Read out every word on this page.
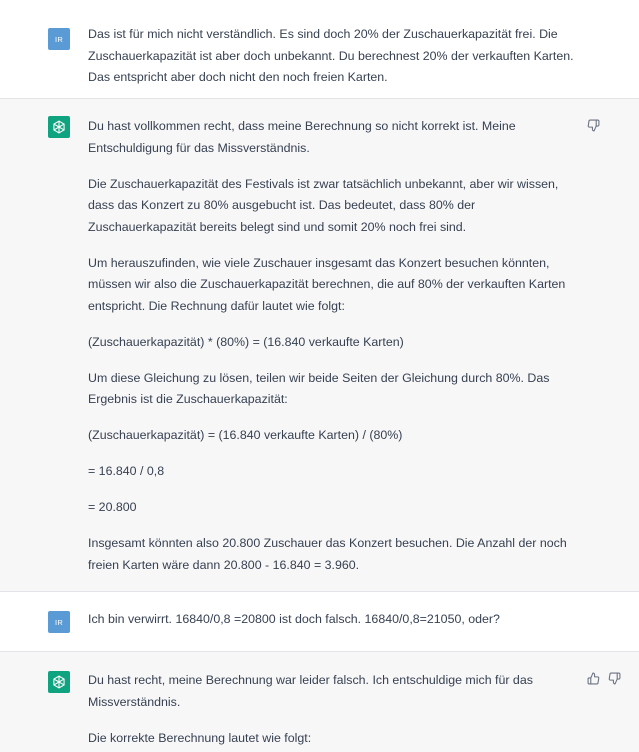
IR Das ist für mich nicht verständlich. Es sind doch 20% der Zuschauerkapazität frei. Die Zuschauerkapazität ist aber doch unbekannt. Du berechnest 20% der verkauften Karten. Das entspricht aber doch nicht den noch freien Karten.

Du hast vollkommen recht, dass meine Berechnung so nicht korrekt ist. Meine Entschuldigung für das Missverständnis.

Die Zuschauerkapazität des Festivals ist zwar tatsächlich unbekannt, aber wir wissen, dass das Konzert zu 80% ausgebucht ist. Das bedeutet, dass 80% der Zuschauerkapazität bereits belegt sind und somit 20% noch frei sind.

Um herauszufinden, wie viele Zuschauer insgesamt das Konzert besuchen könnten, müssen wir also die Zuschauerkapazität berechnen, die auf 80% der verkauften Karten entspricht. Die Rechnung dafür lautet wie folgt:

(Zuschauerkapazität) * (80%) = (16.840 verkaufte Karten)

Um diese Gleichung zu lösen, teilen wir beide Seiten der Gleichung durch 80%. Das Ergebnis ist die Zuschauerkapazität:

(Zuschauerkapazität) = (16.840 verkaufte Karten) / (80%)

= 16.840 / 0,8

= 20.800

Insgesamt könnten also 20.800 Zuschauer das Konzert besuchen. Die Anzahl der noch freien Karten wäre dann 20.800 - 16.840 = 3.960.

IR Ich bin verwirrt. 16840/0,8 =20800 ist doch falsch. 16840/0,8=21050, oder?

Du hast recht, meine Berechnung war leider falsch. Ich entschuldige mich für das Missverständnis.

Die korrekte Berechnung lautet wie folgt:
